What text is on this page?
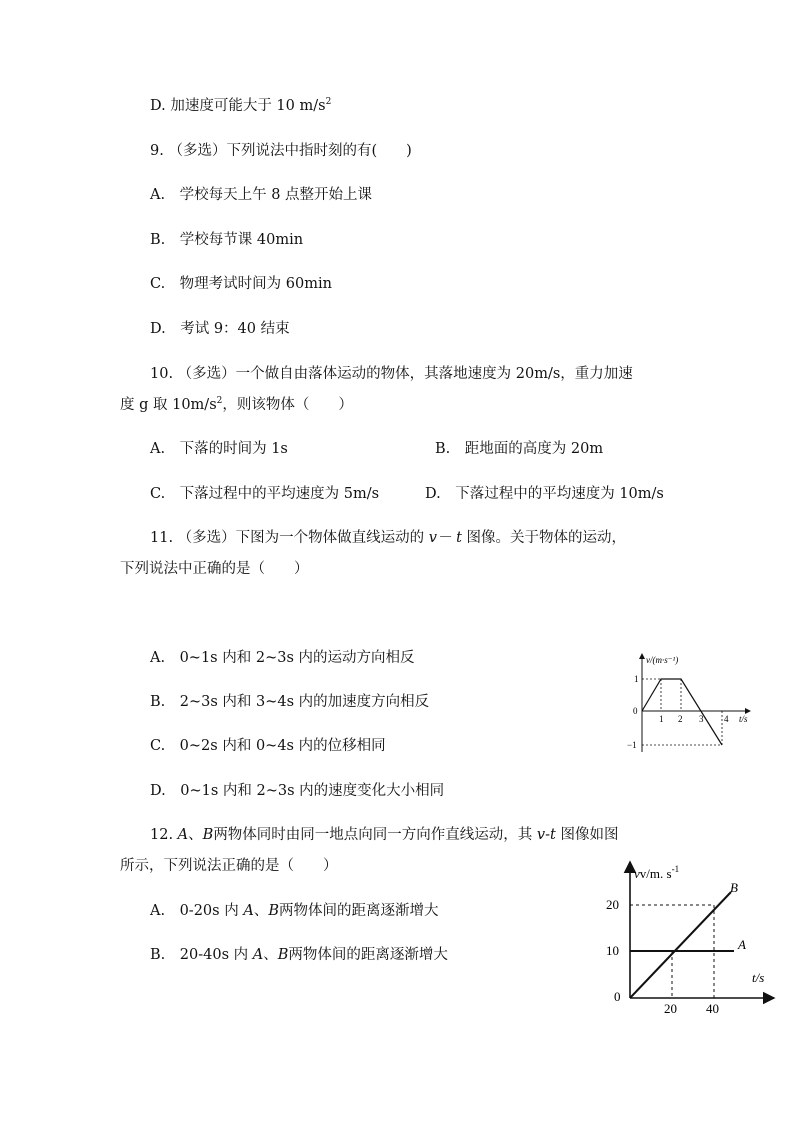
D. 加速度可能大于 10 $m/s^2$
9. （多选）下列说法中指时刻的有(　　)
A.　学校每天上午 8 点整开始上课
B.　学校每节课 40min
C.　物理考试时间为 60min
D.　考试 9：40 结束
10. （多选）一个做自由落体运动的物体，其落地速度为 20m/s，重力加速
度 g 取 $10m/s^2$，则该物体（　　）
A.　下落的时间为 1s	B.　距地面的高度为 20m
C.　下落过程中的平均速度为 5m/s	D.　下落过程中的平均速度为 10m/s
11. （多选）下图为一个物体做直线运动的 v－ t 图像。关于物体的运动，
下列说法中正确的是（　　）
A.　0~1s 内和 2~3s 内的运动方向相反
B.　2~3s 内和 3~4s 内的加速度方向相反
C.　0~2s 内和 0~4s 内的位移相同
D.　0~1s 内和 2~3s 内的速度变化大小相同
v/(m·s⁻¹)
t/s
1
0
−1
1 2 3 4
12. A、B两物体同时由同一地点向同一方向作直线运动，其 v-t 图像如图
所示，下列说法正确的是（　　）
A.　0-20s 内 A、B两物体间的距离逐渐增大
B.　20-40s 内 A、B两物体间的距离逐渐增大
vv/m. $s^{-1}$
B
A
t/s
20
10
0
20 40
